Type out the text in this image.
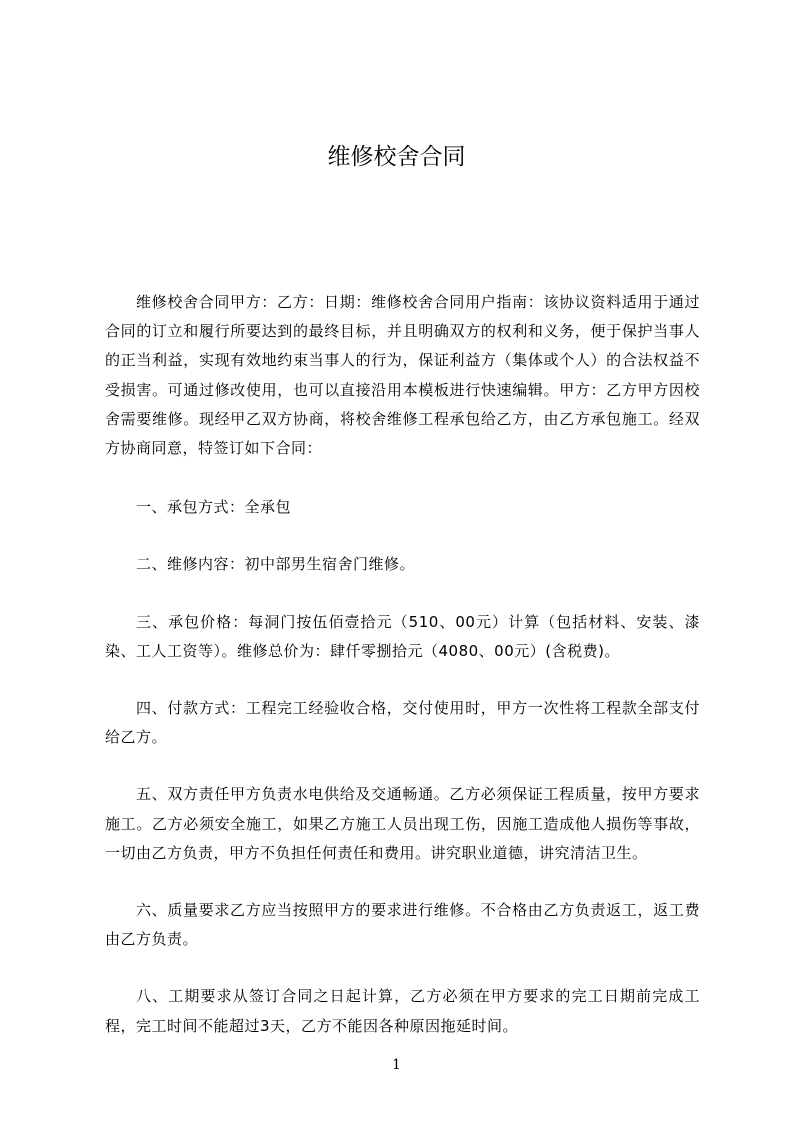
维修校舍合同

维修校舍合同甲方：乙方：日期：维修校舍合同用户指南：该协议资料适用于通过合同的订立和履行所要达到的最终目标，并且明确双方的权利和义务，便于保护当事人的正当利益，实现有效地约束当事人的行为，保证利益方（集体或个人）的合法权益不受损害。可通过修改使用，也可以直接沿用本模板进行快速编辑。甲方：乙方甲方因校舍需要维修。现经甲乙双方协商，将校舍维修工程承包给乙方，由乙方承包施工。经双方协商同意，特签订如下合同：

一、承包方式：全承包

二、维修内容：初中部男生宿舍门维修。

三、承包价格：每洞门按伍佰壹拾元（510、00元）计算（包括材料、安装、漆染、工人工资等）。维修总价为：肆仟零捌拾元（4080、00元）(含税费)。

四、付款方式：工程完工经验收合格，交付使用时，甲方一次性将工程款全部支付给乙方。

五、双方责任甲方负责水电供给及交通畅通。乙方必须保证工程质量，按甲方要求施工。乙方必须安全施工，如果乙方施工人员出现工伤，因施工造成他人损伤等事故，一切由乙方负责，甲方不负担任何责任和费用。讲究职业道德，讲究清洁卫生。

六、质量要求乙方应当按照甲方的要求进行维修。不合格由乙方负责返工，返工费由乙方负责。

八、工期要求从签订合同之日起计算，乙方必须在甲方要求的完工日期前完成工程，完工时间不能超过3天，乙方不能因各种原因拖延时间。

1
